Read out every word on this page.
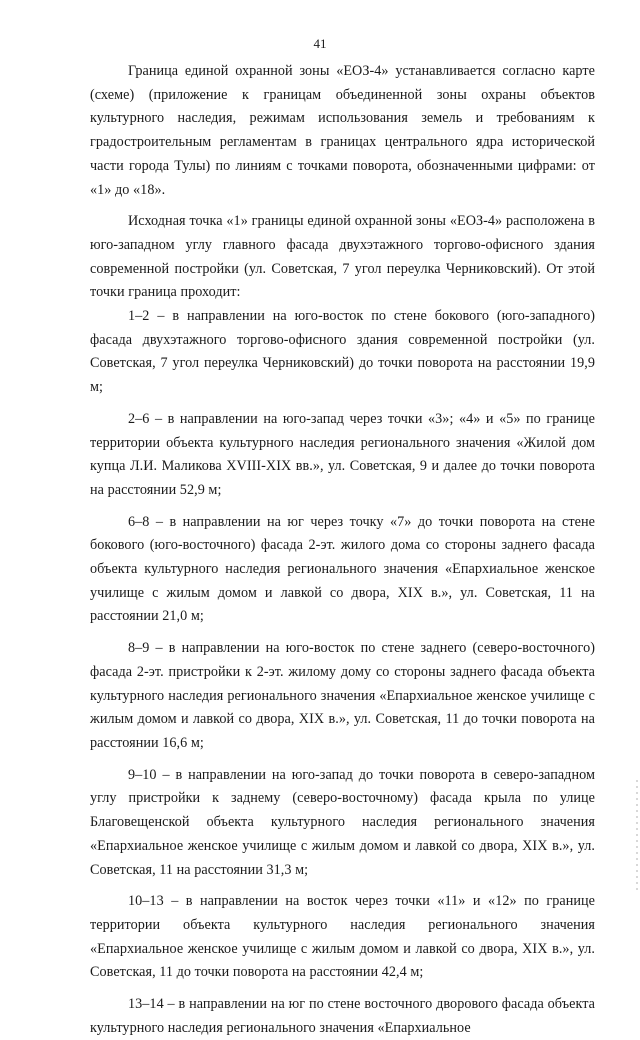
41

Граница единой охранной зоны «ЕОЗ-4» устанавливается согласно карте (схеме) (приложение к границам объединенной зоны охраны объектов культурного наследия, режимам использования земель и требованиям к градостроительным регламентам в границах центрального ядра исторической части города Тулы) по линиям с точками поворота, обозначенными цифрами: от «1» до «18».

Исходная точка «1» границы единой охранной зоны «ЕОЗ-4» расположена в юго-западном углу главного фасада двухэтажного торгово-офисного здания современной постройки (ул. Советская, 7 угол переулка Черниковский). От этой точки граница проходит:

1–2 – в направлении на юго-восток по стене бокового (юго-западного) фасада двухэтажного торгово-офисного здания современной постройки (ул. Советская, 7 угол переулка Черниковский) до точки поворота на расстоянии 19,9 м;

2–6 – в направлении на юго-запад через точки «3»; «4» и «5» по границе территории объекта культурного наследия регионального значения «Жилой дом купца Л.И. Маликова XVIII-XIX вв.», ул. Советская, 9 и далее до точки поворота на расстоянии 52,9 м;

6–8 – в направлении на юг через точку «7» до точки поворота на стене бокового (юго-восточного) фасада 2-эт. жилого дома со стороны заднего фасада объекта культурного наследия регионального значения «Епархиальное женское училище с жилым домом и лавкой со двора, XIX в.», ул. Советская, 11 на расстоянии 21,0 м;

8–9 – в направлении на юго-восток по стене заднего (северо-восточного) фасада 2-эт. пристройки к 2-эт. жилому дому со стороны заднего фасада объекта культурного наследия регионального значения «Епархиальное женское училище с жилым домом и лавкой со двора, XIX в.», ул. Советская, 11 до точки поворота на расстоянии 16,6 м;

9–10 – в направлении на юго-запад до точки поворота в северо-западном углу пристройки к заднему (северо-восточному) фасада крыла по улице Благовещенской объекта культурного наследия регионального значения «Епархиальное женское училище с жилым домом и лавкой со двора, XIX в.», ул. Советская, 11 на расстоянии 31,3 м;

10–13 – в направлении на восток через точки «11» и «12» по границе территории объекта культурного наследия регионального значения «Епархиальное женское училище с жилым домом и лавкой со двора, XIX в.», ул. Советская, 11 до точки поворота на расстоянии 42,4 м;

13–14 – в направлении на юг по стене восточного дворового фасада объекта культурного наследия регионального значения «Епархиальное
